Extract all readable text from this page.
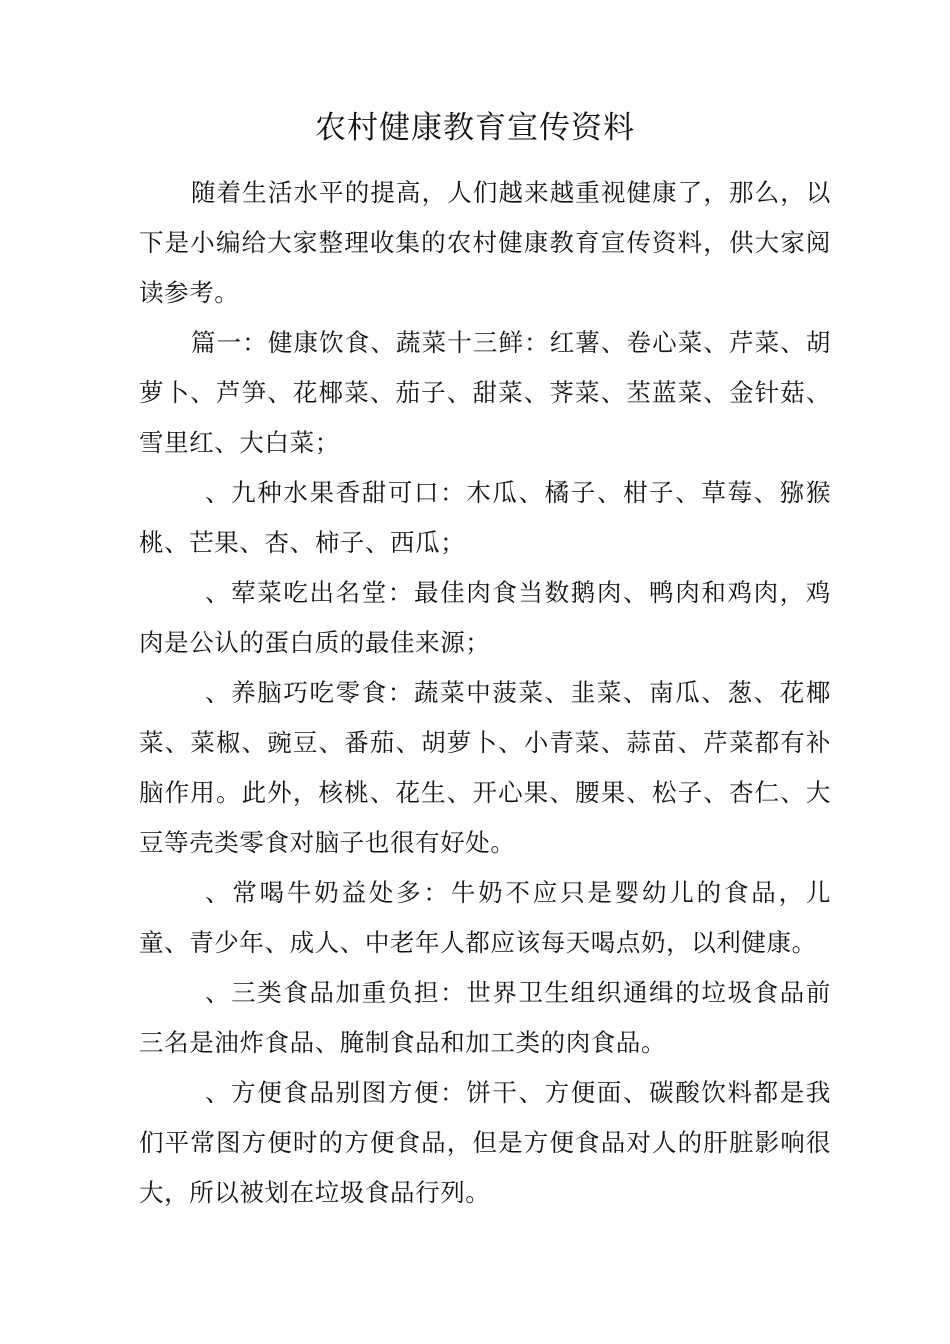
农村健康教育宣传资料

随着生活水平的提高，人们越来越重视健康了，那么，以下是小编给大家整理收集的农村健康教育宣传资料，供大家阅读参考。

篇一：健康饮食、蔬菜十三鲜：红薯、卷心菜、芹菜、胡萝卜、芦笋、花椰菜、茄子、甜菜、荠菜、苤蓝菜、金针菇、雪里红、大白菜；

、九种水果香甜可口：木瓜、橘子、柑子、草莓、猕猴桃、芒果、杏、柿子、西瓜；

、荤菜吃出名堂：最佳肉食当数鹅肉、鸭肉和鸡肉，鸡肉是公认的蛋白质的最佳来源；

、养脑巧吃零食：蔬菜中菠菜、韭菜、南瓜、葱、花椰菜、菜椒、豌豆、番茄、胡萝卜、小青菜、蒜苗、芹菜都有补脑作用。此外，核桃、花生、开心果、腰果、松子、杏仁、大豆等壳类零食对脑子也很有好处。

、常喝牛奶益处多：牛奶不应只是婴幼儿的食品，儿童、青少年、成人、中老年人都应该每天喝点奶，以利健康。

、三类食品加重负担：世界卫生组织通缉的垃圾食品前三名是油炸食品、腌制食品和加工类的肉食品。

、方便食品别图方便：饼干、方便面、碳酸饮料都是我们平常图方便时的方便食品，但是方便食品对人的肝脏影响很大，所以被划在垃圾食品行列。
